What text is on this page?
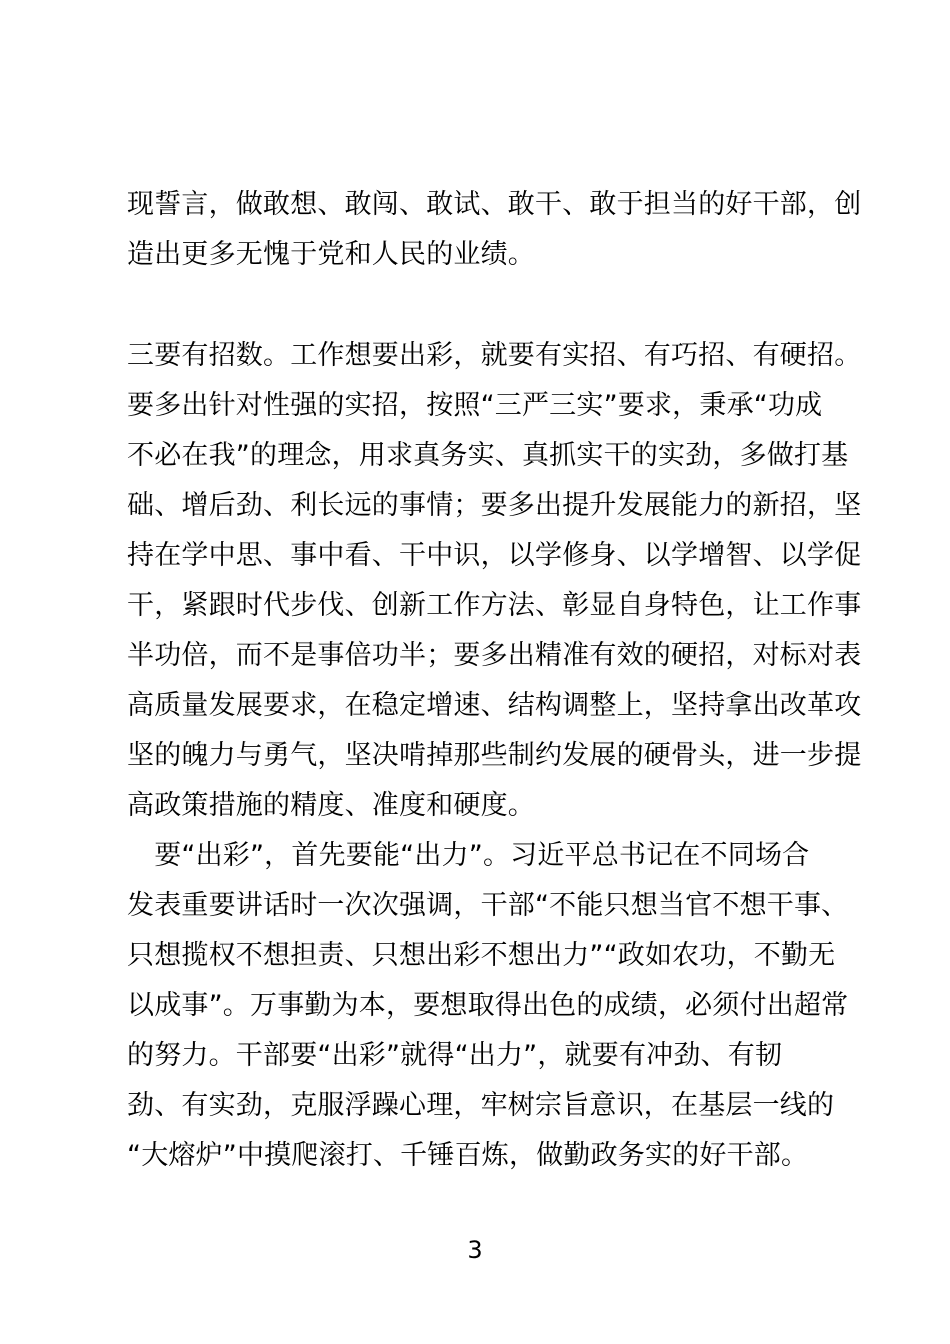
现誓言，做敢想、敢闯、敢试、敢干、敢于担当的好干部，创
造出更多无愧于党和人民的业绩。
三要有招数。工作想要出彩，就要有实招、有巧招、有硬招。
要多出针对性强的实招，按照“三严三实”要求，秉承“功成
不必在我”的理念，用求真务实、真抓实干的实劲，多做打基
础、增后劲、利长远的事情；要多出提升发展能力的新招，坚
持在学中思、事中看、干中识，以学修身、以学增智、以学促
干，紧跟时代步伐、创新工作方法、彰显自身特色，让工作事
半功倍，而不是事倍功半；要多出精准有效的硬招，对标对表
高质量发展要求，在稳定增速、结构调整上，坚持拿出改革攻
坚的魄力与勇气，坚决啃掉那些制约发展的硬骨头，进一步提
高政策措施的精度、准度和硬度。
　要“出彩”，首先要能“出力”。习近平总书记在不同场合
发表重要讲话时一次次强调，干部“不能只想当官不想干事、
只想揽权不想担责、只想出彩不想出力”“政如农功，不勤无
以成事”。万事勤为本，要想取得出色的成绩，必须付出超常
的努力。干部要“出彩”就得“出力”，就要有冲劲、有韧
劲、有实劲，克服浮躁心理，牢树宗旨意识，在基层一线的
“大熔炉”中摸爬滚打、千锤百炼，做勤政务实的好干部。
3
